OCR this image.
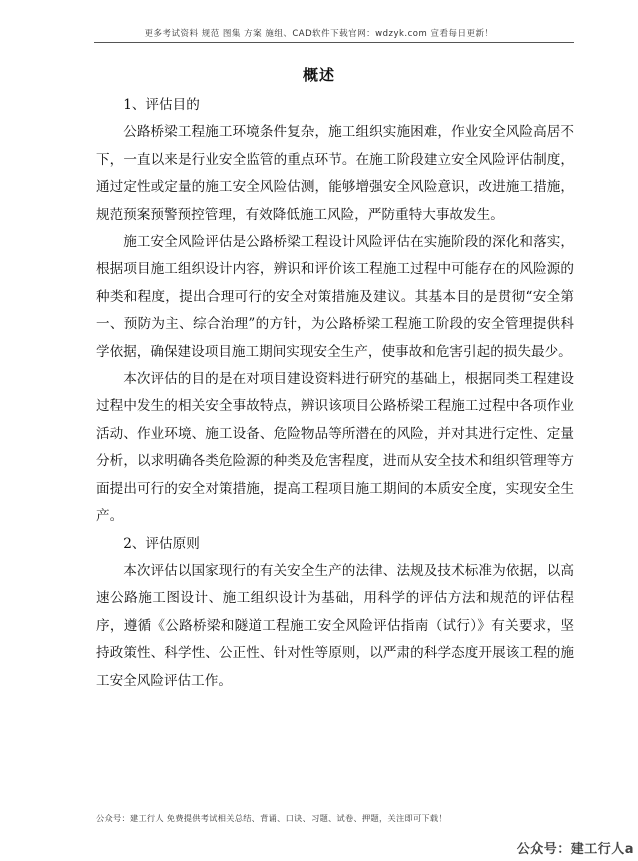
更多考试资料 规范 图集 方案 施组、CAD软件下载官网：wdzyk.com 宣看每日更新！
概述

1、评估目的

公路桥梁工程施工环境条件复杂，施工组织实施困难，作业安全风险高居不下，一直以来是行业安全监管的重点环节。在施工阶段建立安全风险评估制度，通过定性或定量的施工安全风险估测，能够增强安全风险意识，改进施工措施，规范预案预警预控管理，有效降低施工风险，严防重特大事故发生。

施工安全风险评估是公路桥梁工程设计风险评估在实施阶段的深化和落实，根据项目施工组织设计内容，辨识和评价该工程施工过程中可能存在的风险源的种类和程度，提出合理可行的安全对策措施及建议。其基本目的是贯彻“安全第一、预防为主、综合治理”的方针，为公路桥梁工程施工阶段的安全管理提供科学依据，确保建设项目施工期间实现安全生产，使事故和危害引起的损失最少。

本次评估的目的是在对项目建设资料进行研究的基础上，根据同类工程建设过程中发生的相关安全事故特点，辨识该项目公路桥梁工程施工过程中各项作业活动、作业环境、施工设备、危险物品等所潜在的风险，并对其进行定性、定量分析，以求明确各类危险源的种类及危害程度，进而从安全技术和组织管理等方面提出可行的安全对策措施，提高工程项目施工期间的本质安全度，实现安全生产。

2、评估原则

本次评估以国家现行的有关安全生产的法律、法规及技术标准为依据，以高速公路施工图设计、施工组织设计为基础，用科学的评估方法和规范的评估程序，遵循《公路桥梁和隧道工程施工安全风险评估指南（试行）》有关要求，坚持政策性、科学性、公正性、针对性等原则，以严肃的科学态度开展该工程的施工安全风险评估工作。

公众号：建工行人 免费提供考试相关总结、背诵、口诀、习题、试卷、押题，关注即可下载！
公众号：建工行人a
